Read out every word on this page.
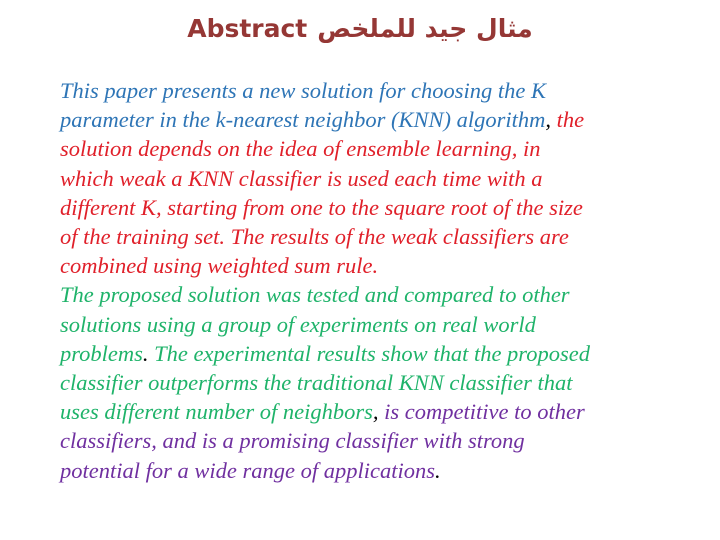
Abstract مثال جيد للملخص
This paper presents a new solution for choosing the K
parameter in the k-nearest neighbor (KNN) algorithm, the
solution depends on the idea of ensemble learning, in
which weak a KNN classifier is used each time with a
different K, starting from one to the square root of the size
of the training set. The results of the weak classifiers are
combined using weighted sum rule.
The proposed solution was tested and compared to other
solutions using a group of experiments on real world
problems. The experimental results show that the proposed
classifier outperforms the traditional KNN classifier that
uses different number of neighbors, is competitive to other
classifiers, and is a promising classifier with strong
potential for a wide range of applications.
